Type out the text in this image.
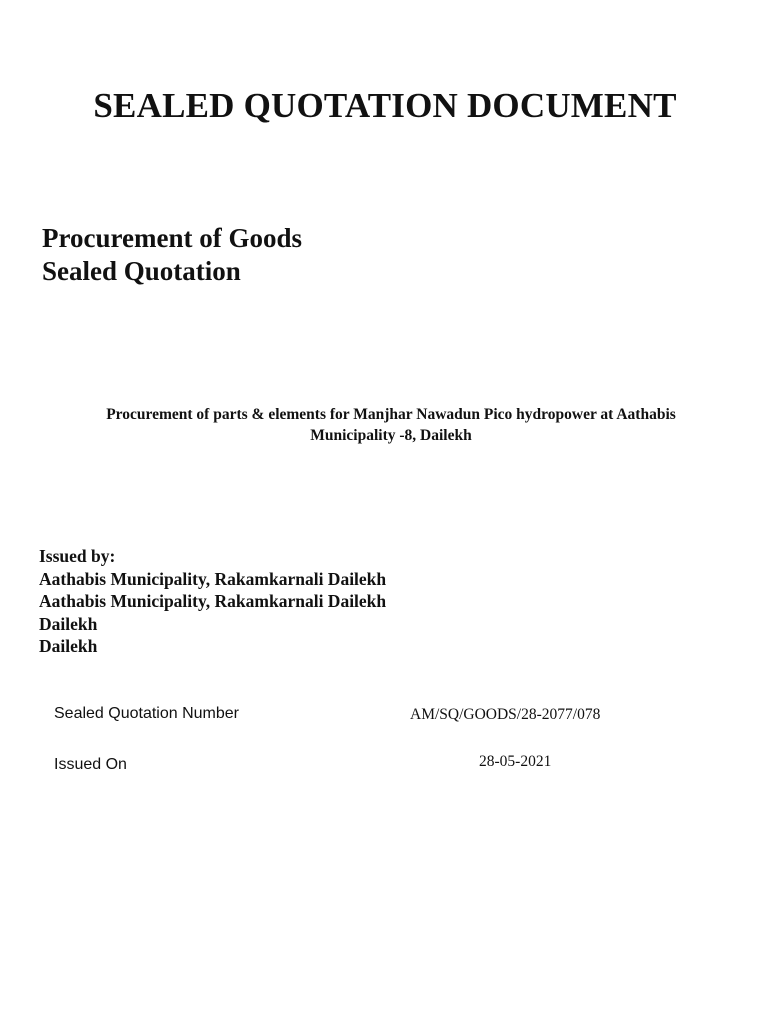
SEALED QUOTATION DOCUMENT
Procurement of Goods
Sealed Quotation
Procurement of parts & elements for Manjhar Nawadun Pico hydropower at Aathabis
Municipality -8, Dailekh
Issued by:
Aathabis Municipality, Rakamkarnali Dailekh
Aathabis Municipality, Rakamkarnali Dailekh
Dailekh
Dailekh
Sealed Quotation Number	AM/SQ/GOODS/28-2077/078
Issued On	28-05-2021
